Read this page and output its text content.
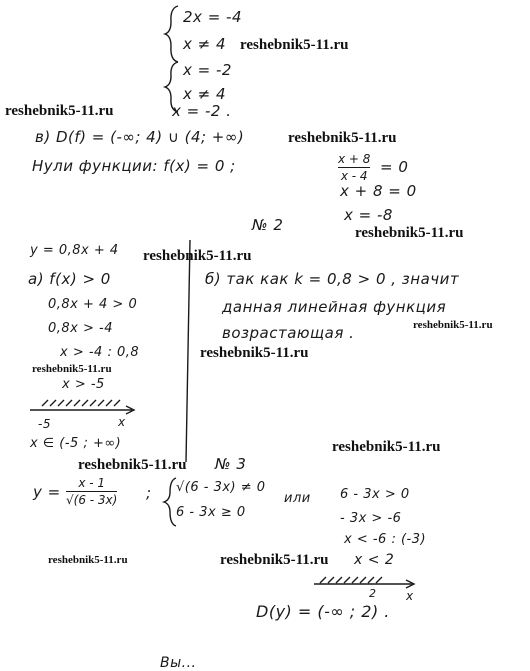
2x = -4
x ≠ 4 reshebnik5-11.ru
x = -2
x ≠ 4
reshebnik5-11.ru	x = -2 .
в) D(f) = (-∞; 4) ∪ (4; +∞)	reshebnik5-11.ru
Нули функции: f(x) = 0 ;	x + 8
x - 4 = 0
x + 8 = 0
x = -8
№ 2	reshebnik5-11.ru
y = 0,8x + 4 reshebnik5-11.ru
а) f(x) > 0
0,8x + 4 > 0
0,8x > -4
x > -4 : 0,8
reshebnik5-11.ru
x > -5
-5	x
x ∈ (-5 ; +∞)
б) так как k = 0,8 > 0 , значит
данная линейная функция
reshebnik5-11.ru
возрастающая .
reshebnik5-11.ru
reshebnik5-11.ru
reshebnik5-11.ru № 3
y = x - 1
√(6 - 3x) ; √(6 - 3x) ≠ 0
6 - 3x ≥ 0
или 6 - 3x > 0
- 3x > -6
x < -6 : (-3)
reshebnik5-11.ru	reshebnik5-11.ru x < 2
2 x
D(y) = (-∞ ; 2) .
Вы...
